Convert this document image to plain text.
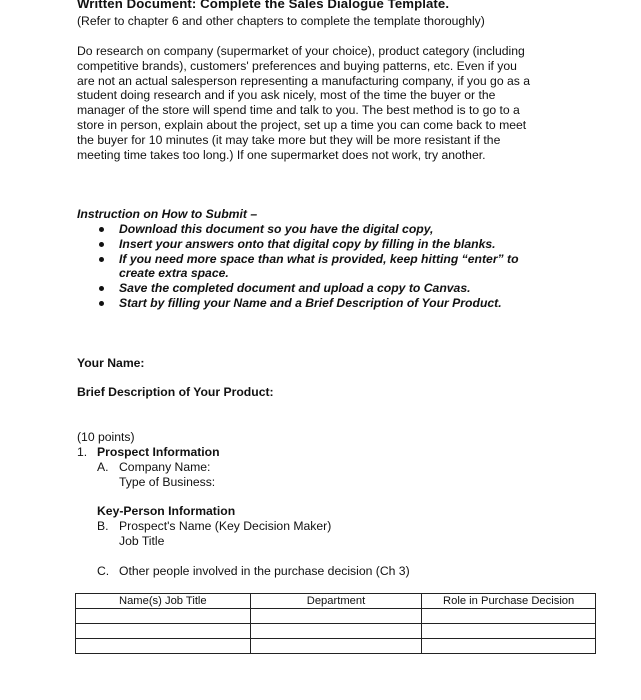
Written Document: Complete the Sales Dialogue Template.
(Refer to chapter 6 and other chapters to complete the template thoroughly)
Do research on company (supermarket of your choice), product category (including
competitive brands), customers' preferences and buying patterns, etc. Even if you
are not an actual salesperson representing a manufacturing company, if you go as a
student doing research and if you ask nicely, most of the time the buyer or the
manager of the store will spend time and talk to you. The best method is to go to a
store in person, explain about the project, set up a time you can come back to meet
the buyer for 10 minutes (it may take more but they will be more resistant if the
meeting time takes too long.) If one supermarket does not work, try another.
Instruction on How to Submit –
Download this document so you have the digital copy,
Insert your answers onto that digital copy by filling in the blanks.
If you need more space than what is provided, keep hitting “enter” to
create extra space.
Save the completed document and upload a copy to Canvas.
Start by filling your Name and a Brief Description of Your Product.
Your Name:
Brief Description of Your Product:
(10 points)
1. Prospect Information
A. Company Name:
Type of Business:
Key-Person Information
B. Prospect's Name (Key Decision Maker)
Job Title
C. Other people involved in the purchase decision (Ch 3)
Name(s) Job Title	Department	Role in Purchase Decision
